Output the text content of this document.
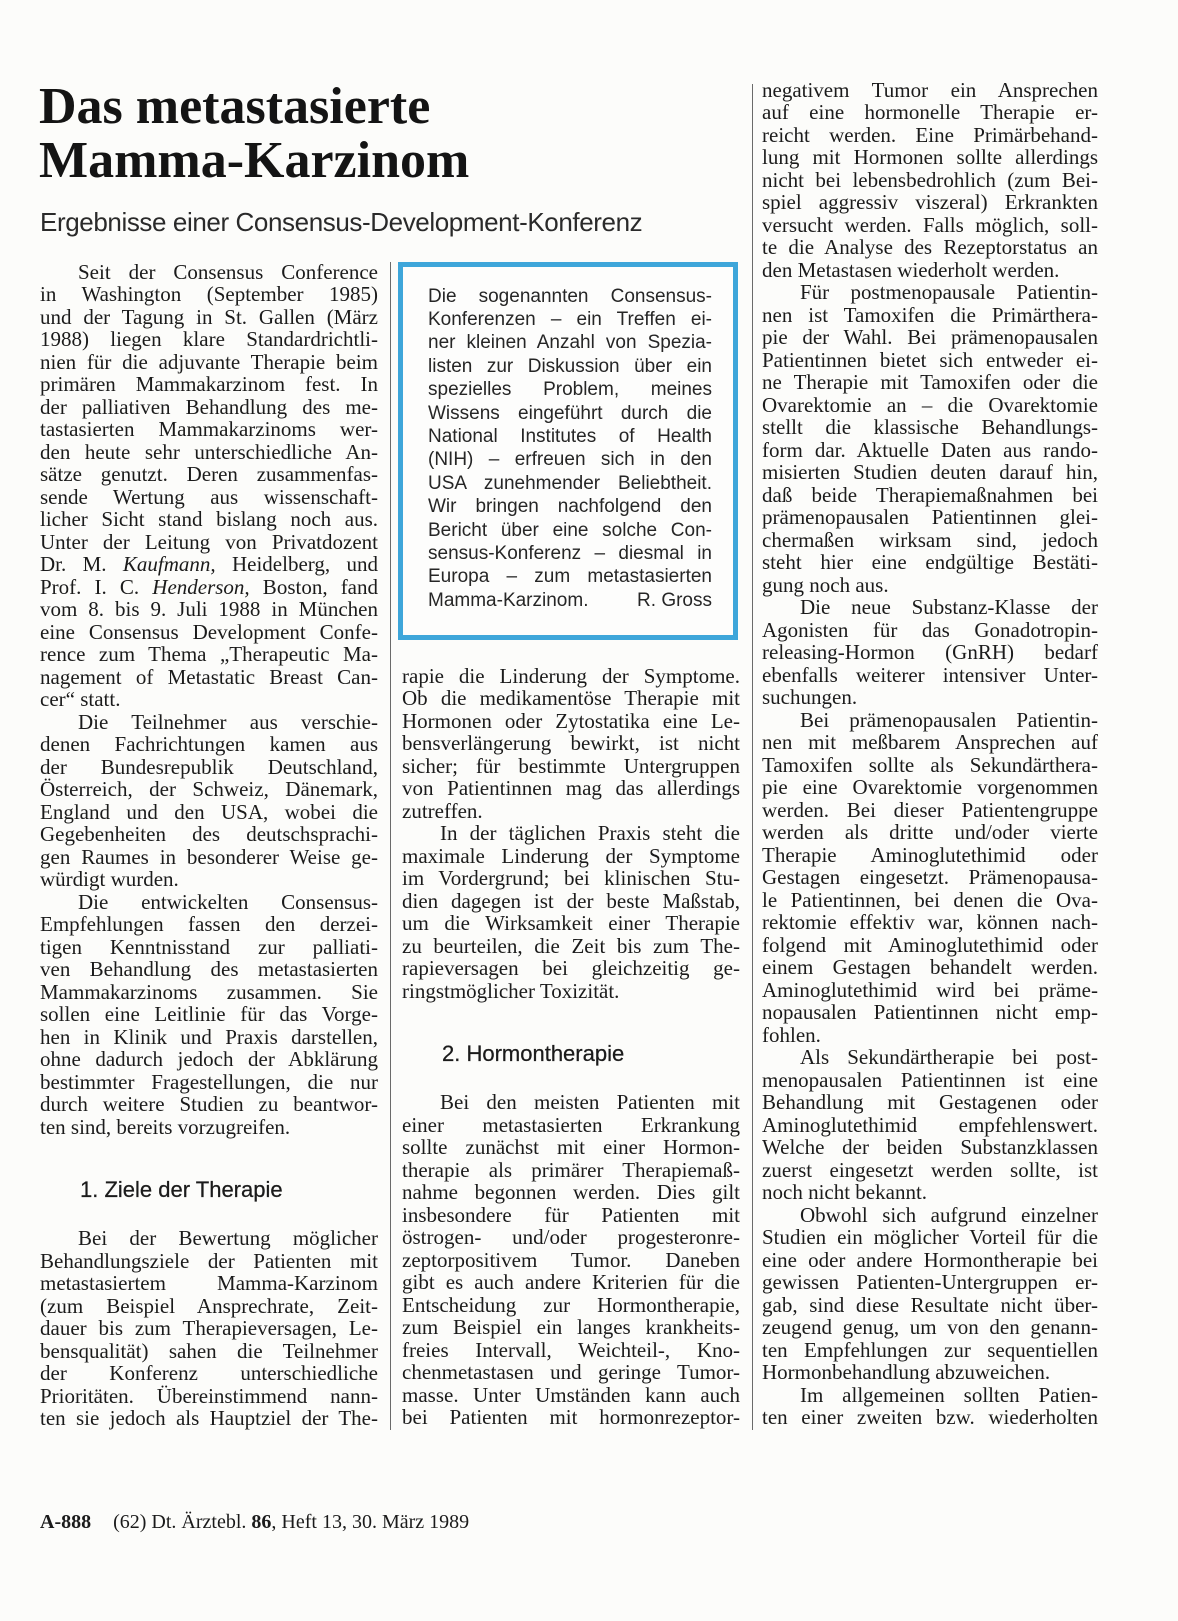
Das metastasierte
Mamma-Karzinom
Ergebnisse einer Consensus-Development-Konferenz
Die sogenannten Consensus-
Konferenzen – ein Treffen ei-
ner kleinen Anzahl von Spezia-
listen zur Diskussion über ein
spezielles Problem, meines
Wissens eingeführt durch die
National Institutes of Health
(NIH) – erfreuen sich in den
USA zunehmender Beliebtheit.
Wir bringen nachfolgend den
Bericht über eine solche Con-
sensus-Konferenz – diesmal in
Europa – zum metastasierten
Mamma-Karzinom.	R. Gross
Seit der Consensus Conference
in Washington (September 1985)
und der Tagung in St. Gallen (März
1988) liegen klare Standardrichtli-
nien für die adjuvante Therapie beim
primären Mammakarzinom fest. In
der palliativen Behandlung des me-
tastasierten Mammakarzinoms wer-
den heute sehr unterschiedliche An-
sätze genutzt. Deren zusammenfas-
sende Wertung aus wissenschaft-
licher Sicht stand bislang noch aus.
Unter der Leitung von Privatdozent
Dr. M. Kaufmann, Heidelberg, und
Prof. I. C. Henderson, Boston, fand
vom 8. bis 9. Juli 1988 in München
eine Consensus Development Confe-
rence zum Thema „Therapeutic Ma-
nagement of Metastatic Breast Can-
cer“ statt.
Die Teilnehmer aus verschie-
denen Fachrichtungen kamen aus
der Bundesrepublik Deutschland,
Österreich, der Schweiz, Dänemark,
England und den USA, wobei die
Gegebenheiten des deutschsprachi-
gen Raumes in besonderer Weise ge-
würdigt wurden.
Die entwickelten Consensus-
Empfehlungen fassen den derzei-
tigen Kenntnisstand zur palliati-
ven Behandlung des metastasierten
Mammakarzinoms zusammen. Sie
sollen eine Leitlinie für das Vorge-
hen in Klinik und Praxis darstellen,
ohne dadurch jedoch der Abklärung
bestimmter Fragestellungen, die nur
durch weitere Studien zu beantwor-
ten sind, bereits vorzugreifen.
1. Ziele der Therapie
Bei der Bewertung möglicher
Behandlungsziele der Patienten mit
metastasiertem Mamma-Karzinom
(zum Beispiel Ansprechrate, Zeit-
dauer bis zum Therapieversagen, Le-
bensqualität) sahen die Teilnehmer
der Konferenz unterschiedliche
Prioritäten. Übereinstimmend nann-
ten sie jedoch als Hauptziel der The-
rapie die Linderung der Symptome.
Ob die medikamentöse Therapie mit
Hormonen oder Zytostatika eine Le-
bensverlängerung bewirkt, ist nicht
sicher; für bestimmte Untergruppen
von Patientinnen mag das allerdings
zutreffen.
In der täglichen Praxis steht die
maximale Linderung der Symptome
im Vordergrund; bei klinischen Stu-
dien dagegen ist der beste Maßstab,
um die Wirksamkeit einer Therapie
zu beurteilen, die Zeit bis zum The-
rapieversagen bei gleichzeitig ge-
ringstmöglicher Toxizität.
2. Hormontherapie
Bei den meisten Patienten mit
einer metastasierten Erkrankung
sollte zunächst mit einer Hormon-
therapie als primärer Therapiemaß-
nahme begonnen werden. Dies gilt
insbesondere für Patienten mit
östrogen- und/oder progesteronre-
zeptorpositivem Tumor. Daneben
gibt es auch andere Kriterien für die
Entscheidung zur Hormontherapie,
zum Beispiel ein langes krankheits-
freies Intervall, Weichteil-, Kno-
chenmetastasen und geringe Tumor-
masse. Unter Umständen kann auch
bei Patienten mit hormonrezeptor-
negativem Tumor ein Ansprechen
auf eine hormonelle Therapie er-
reicht werden. Eine Primärbehand-
lung mit Hormonen sollte allerdings
nicht bei lebensbedrohlich (zum Bei-
spiel aggressiv viszeral) Erkrankten
versucht werden. Falls möglich, soll-
te die Analyse des Rezeptorstatus an
den Metastasen wiederholt werden.
Für postmenopausale Patientin-
nen ist Tamoxifen die Primärthera-
pie der Wahl. Bei prämenopausalen
Patientinnen bietet sich entweder ei-
ne Therapie mit Tamoxifen oder die
Ovarektomie an – die Ovarektomie
stellt die klassische Behandlungs-
form dar. Aktuelle Daten aus rando-
misierten Studien deuten darauf hin,
daß beide Therapiemaßnahmen bei
prämenopausalen Patientinnen glei-
chermaßen wirksam sind, jedoch
steht hier eine endgültige Bestäti-
gung noch aus.
Die neue Substanz-Klasse der
Agonisten für das Gonadotropin-
releasing-Hormon (GnRH) bedarf
ebenfalls weiterer intensiver Unter-
suchungen.
Bei prämenopausalen Patientin-
nen mit meßbarem Ansprechen auf
Tamoxifen sollte als Sekundärthera-
pie eine Ovarektomie vorgenommen
werden. Bei dieser Patientengruppe
werden als dritte und/oder vierte
Therapie Aminoglutethimid oder
Gestagen eingesetzt. Prämenopausa-
le Patientinnen, bei denen die Ova-
rektomie effektiv war, können nach-
folgend mit Aminoglutethimid oder
einem Gestagen behandelt werden.
Aminoglutethimid wird bei präme-
nopausalen Patientinnen nicht emp-
fohlen.
Als Sekundärtherapie bei post-
menopausalen Patientinnen ist eine
Behandlung mit Gestagenen oder
Aminoglutethimid empfehlenswert.
Welche der beiden Substanzklassen
zuerst eingesetzt werden sollte, ist
noch nicht bekannt.
Obwohl sich aufgrund einzelner
Studien ein möglicher Vorteil für die
eine oder andere Hormontherapie bei
gewissen Patienten-Untergruppen er-
gab, sind diese Resultate nicht über-
zeugend genug, um von den genann-
ten Empfehlungen zur sequentiellen
Hormonbehandlung abzuweichen.
Im allgemeinen sollten Patien-
ten einer zweiten bzw. wiederholten
A-888 (62) Dt. Ärztebl. 86, Heft 13, 30. März 1989
